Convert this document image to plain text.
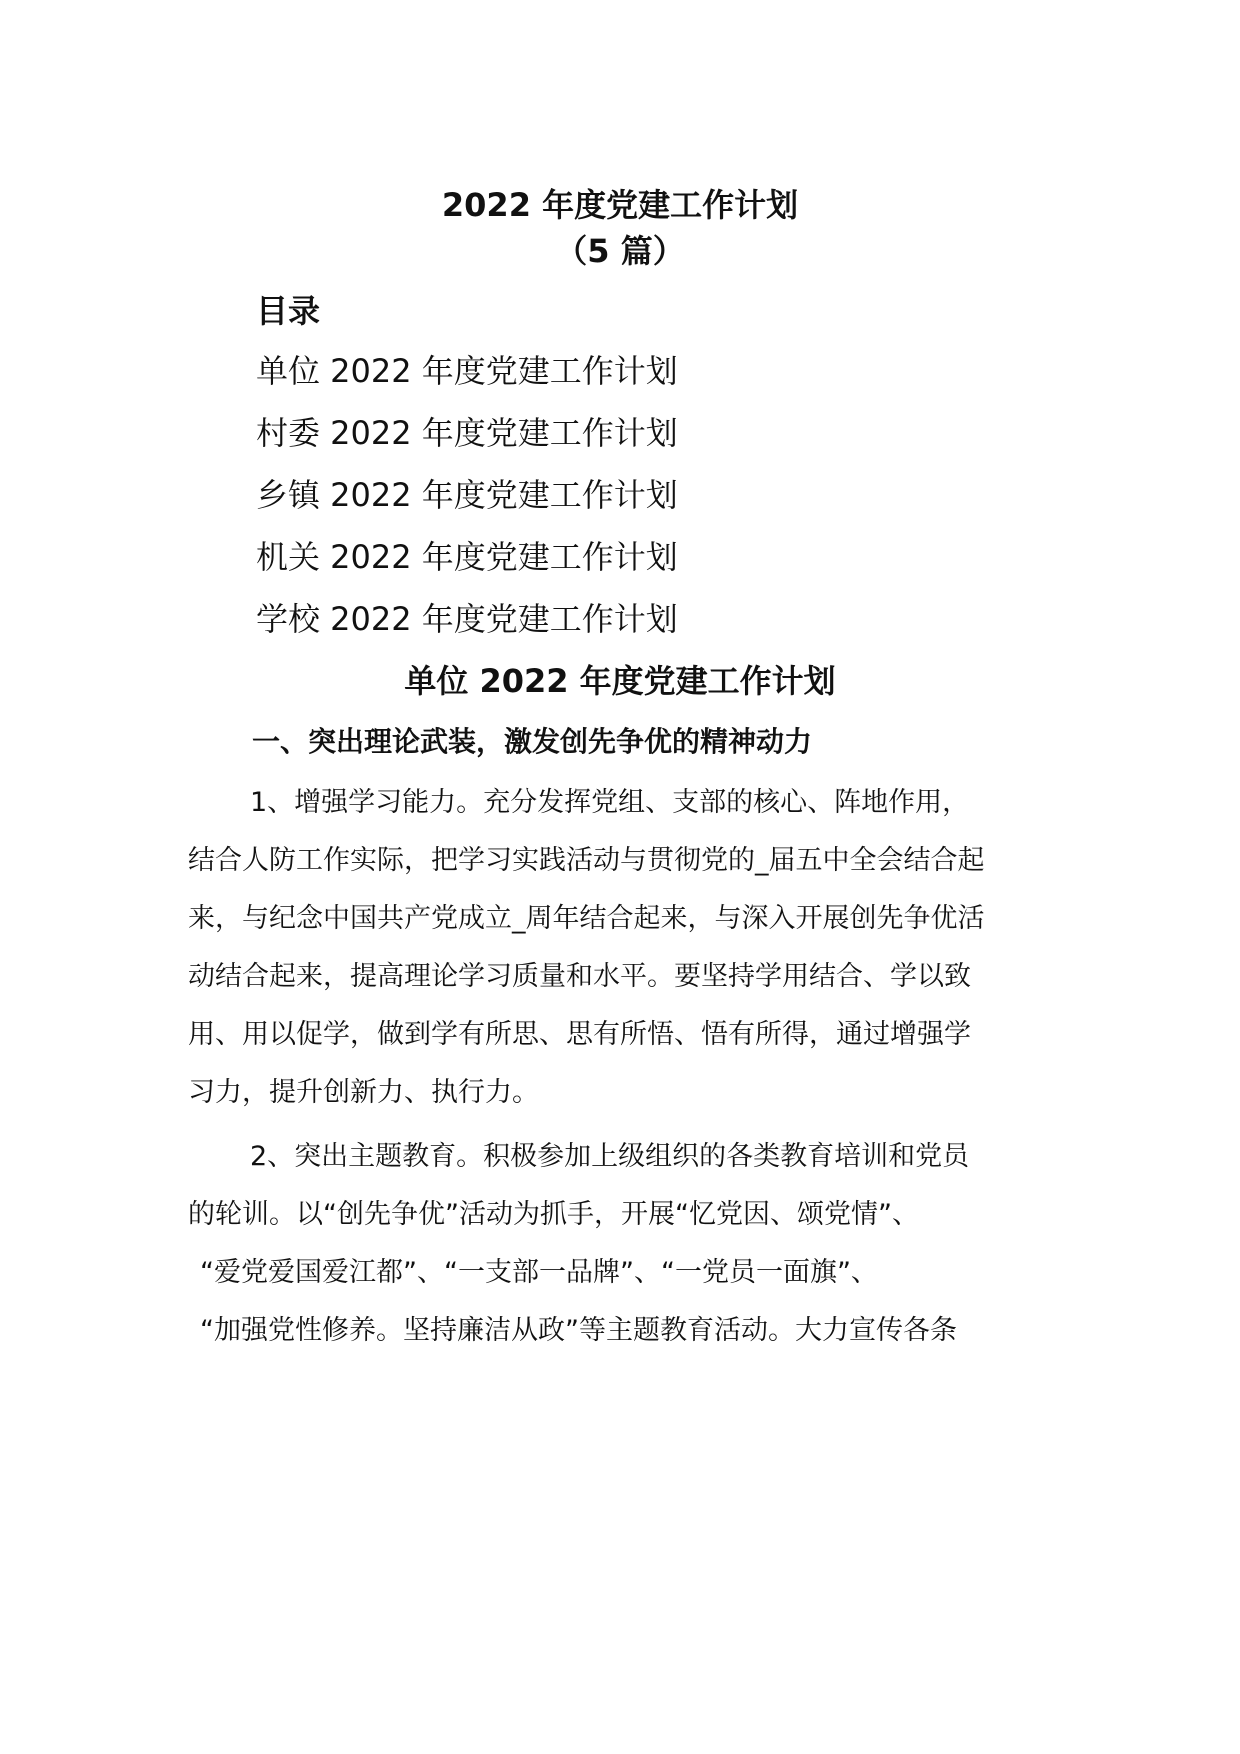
2022 年度党建工作计划
（5 篇）
目录
单位 2022 年度党建工作计划
村委 2022 年度党建工作计划
乡镇 2022 年度党建工作计划
机关 2022 年度党建工作计划
学校 2022 年度党建工作计划
单位 2022 年度党建工作计划
一、突出理论武装，激发创先争优的精神动力
1、增强学习能力。充分发挥党组、支部的核心、阵地作用，
结合人防工作实际，把学习实践活动与贯彻党的_届五中全会结合起
来，与纪念中国共产党成立_周年结合起来，与深入开展创先争优活
动结合起来，提高理论学习质量和水平。要坚持学用结合、学以致
用、用以促学，做到学有所思、思有所悟、悟有所得，通过增强学
习力，提升创新力、执行力。
2、突出主题教育。积极参加上级组织的各类教育培训和党员
的轮训。以“创先争优”活动为抓手，开展“忆党因、颂党情”、
“爱党爱国爱江都”、“一支部一品牌”、“一党员一面旗”、
“加强党性修养。坚持廉洁从政”等主题教育活动。大力宣传各条
